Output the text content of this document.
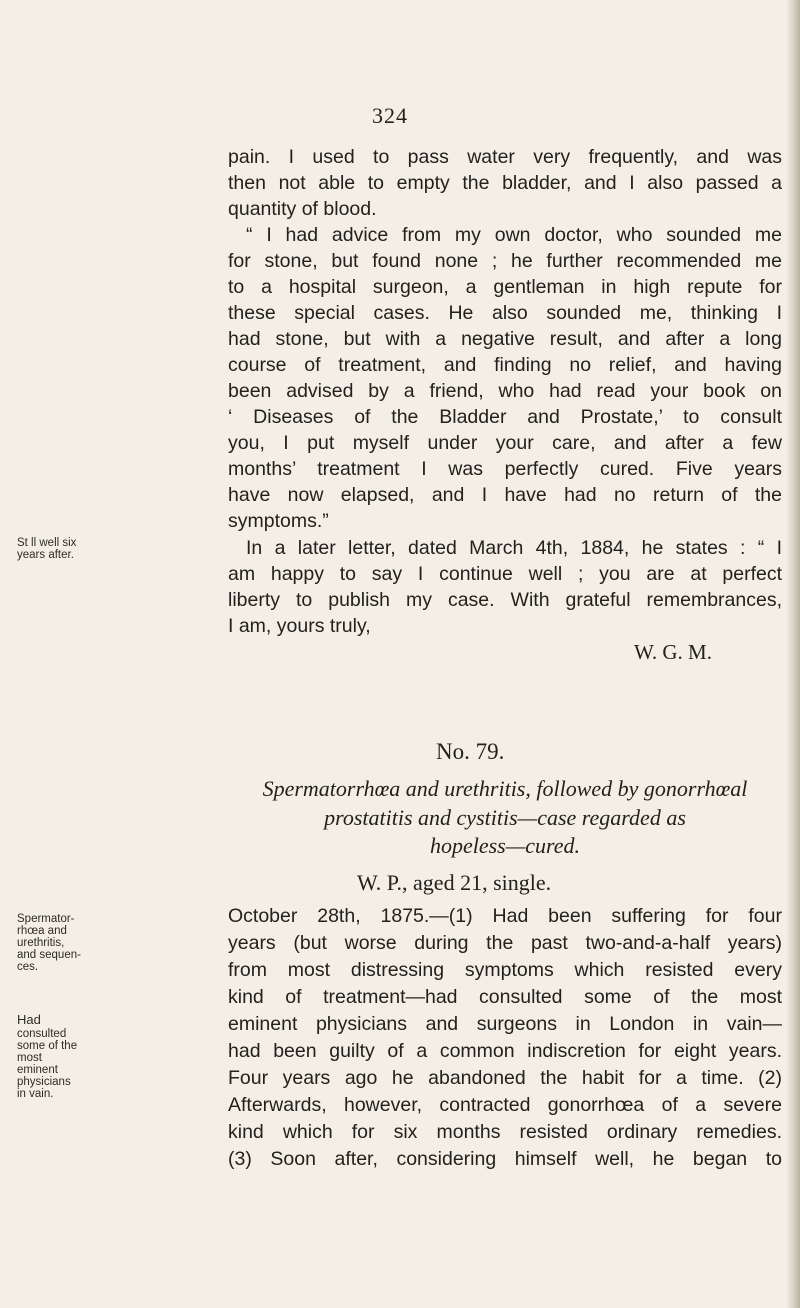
324

pain. I used to pass water very frequently, and was

then not able to empty the bladder, and I also passed a

quantity of blood.

“ I had advice from my own doctor, who sounded me

for stone, but found none ; he further recommended me

to a hospital surgeon, a gentleman in high repute for

these special cases. He also sounded me, thinking I

had stone, but with a negative result, and after a long

course of treatment, and finding no relief, and having

been advised by a friend, who had read your book on

‘ Diseases of the Bladder and Prostate,’ to consult

you, I put myself under your care, and after a few

months’ treatment I was perfectly cured. Five years

have now elapsed, and I have had no return of the

symptoms.”

In a later letter, dated March 4th, 1884, he states : “ I

am happy to say I continue well ; you are at perfect

liberty to publish my case. With grateful remembrances,

I am, yours truly,

W. G. M.
No. 79.

Spermatorrhœa and urethritis, followed by gonorrhœal

prostatitis and cystitis—case regarded as

hopeless—cured.

W. P., aged 21, single.

October 28th, 1875.—(1) Had been suffering for four

years (but worse during the past two-and-a-half years)

from most distressing symptoms which resisted every

kind of treatment—had consulted some of the most

eminent physicians and surgeons in London in vain—

had been guilty of a common indiscretion for eight years.

Four years ago he abandoned the habit for a time. (2)

Afterwards, however, contracted gonorrhœa of a severe

kind which for six months resisted ordinary remedies.

(3) Soon after, considering himself well, he began to

St ll well six
years after.
Spermator-
rhœa and
urethritis,
and sequen-
ces.
Had
consulted
some of the
most
eminent
physicians
in vain.
